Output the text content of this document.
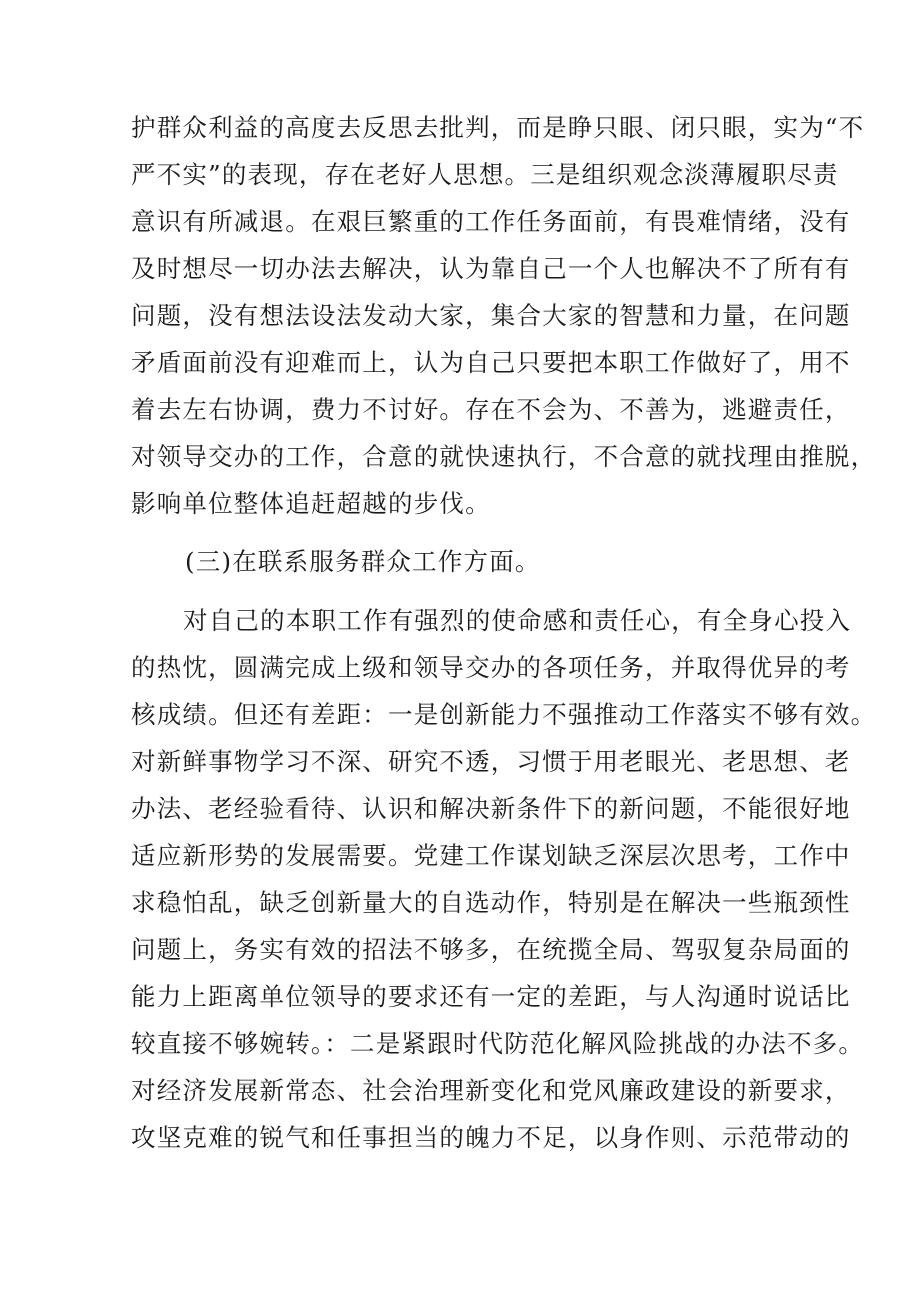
护群众利益的高度去反思去批判，而是睁只眼、闭只眼，实为“不
严不实”的表现，存在老好人思想。三是组织观念淡薄履职尽责
意识有所减退。在艰巨繁重的工作任务面前，有畏难情绪，没有
及时想尽一切办法去解决，认为靠自己一个人也解决不了所有有
问题，没有想法设法发动大家，集合大家的智慧和力量，在问题
矛盾面前没有迎难而上，认为自己只要把本职工作做好了，用不
着去左右协调，费力不讨好。存在不会为、不善为，逃避责任，
对领导交办的工作，合意的就快速执行，不合意的就找理由推脱，
影响单位整体追赶超越的步伐。
(三)在联系服务群众工作方面。
对自己的本职工作有强烈的使命感和责任心，有全身心投入
的热忱，圆满完成上级和领导交办的各项任务，并取得优异的考
核成绩。但还有差距：一是创新能力不强推动工作落实不够有效。
对新鲜事物学习不深、研究不透，习惯于用老眼光、老思想、老
办法、老经验看待、认识和解决新条件下的新问题，不能很好地
适应新形势的发展需要。党建工作谋划缺乏深层次思考，工作中
求稳怕乱，缺乏创新量大的自选动作，特别是在解决一些瓶颈性
问题上，务实有效的招法不够多，在统揽全局、驾驭复杂局面的
能力上距离单位领导的要求还有一定的差距，与人沟通时说话比
较直接不够婉转。：二是紧跟时代防范化解风险挑战的办法不多。
对经济发展新常态、社会治理新变化和党风廉政建设的新要求，
攻坚克难的锐气和任事担当的魄力不足，以身作则、示范带动的
